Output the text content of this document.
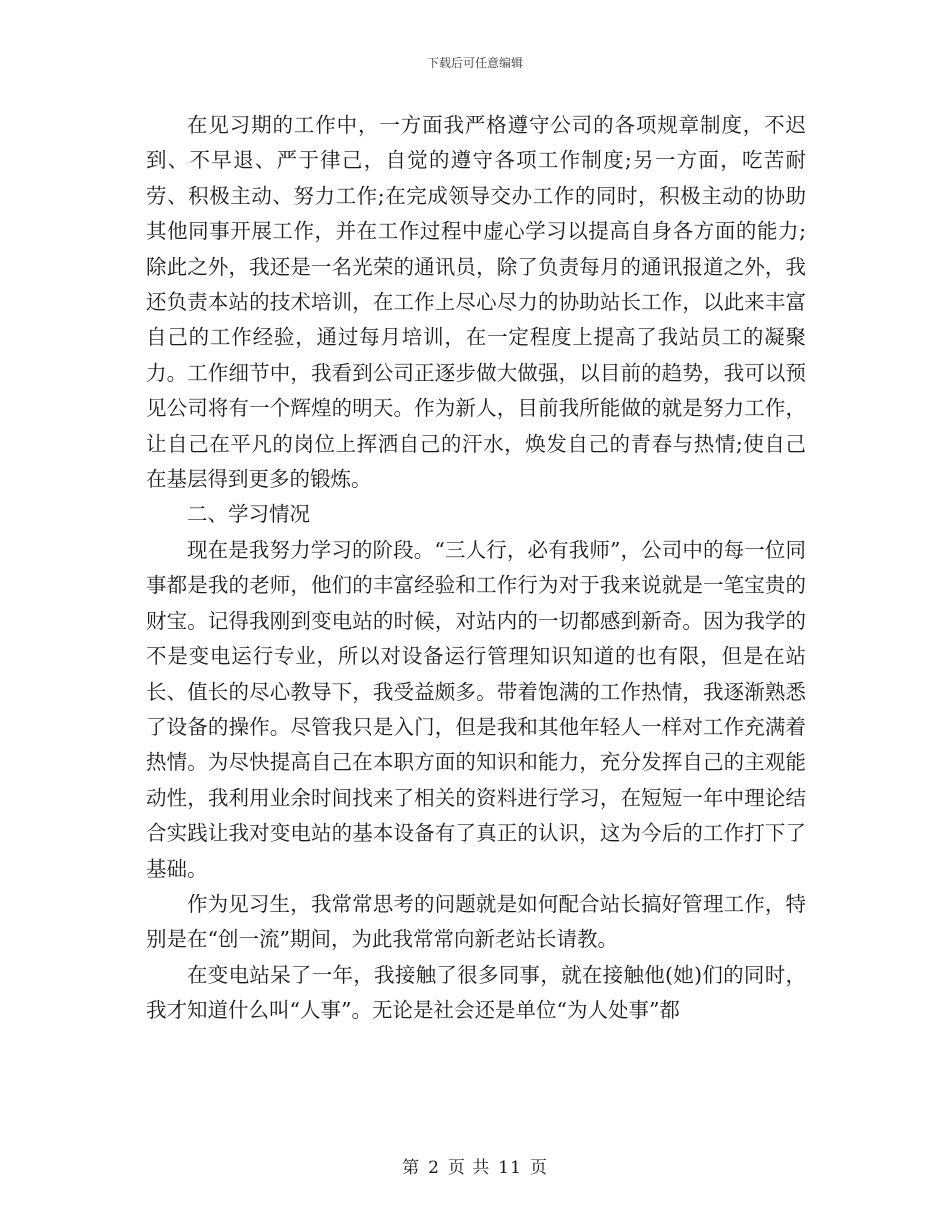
下载后可任意编辑

在见习期的工作中，一方面我严格遵守公司的各项规章制度，不迟到、不早退、严于律己，自觉的遵守各项工作制度;另一方面，吃苦耐劳、积极主动、努力工作;在完成领导交办工作的同时，积极主动的协助其他同事开展工作，并在工作过程中虚心学习以提高自身各方面的能力;除此之外，我还是一名光荣的通讯员，除了负责每月的通讯报道之外，我还负责本站的技术培训，在工作上尽心尽力的协助站长工作，以此来丰富自己的工作经验，通过每月培训，在一定程度上提高了我站员工的凝聚力。工作细节中，我看到公司正逐步做大做强，以目前的趋势，我可以预见公司将有一个辉煌的明天。作为新人，目前我所能做的就是努力工作，让自己在平凡的岗位上挥洒自己的汗水，焕发自己的青春与热情;使自己在基层得到更多的锻炼。

二、学习情况

现在是我努力学习的阶段。“三人行，必有我师”，公司中的每一位同事都是我的老师，他们的丰富经验和工作行为对于我来说就是一笔宝贵的财宝。记得我刚到变电站的时候，对站内的一切都感到新奇。因为我学的不是变电运行专业，所以对设备运行管理知识知道的也有限，但是在站长、值长的尽心教导下，我受益颇多。带着饱满的工作热情，我逐渐熟悉了设备的操作。尽管我只是入门，但是我和其他年轻人一样对工作充满着热情。为尽快提高自己在本职方面的知识和能力，充分发挥自己的主观能动性，我利用业余时间找来了相关的资料进行学习，在短短一年中理论结合实践让我对变电站的基本设备有了真正的认识，这为今后的工作打下了基础。

作为见习生，我常常思考的问题就是如何配合站长搞好管理工作，特别是在“创一流”期间，为此我常常向新老站长请教。

在变电站呆了一年，我接触了很多同事，就在接触他(她)们的同时，我才知道什么叫“人事”。无论是社会还是单位“为人处事”都

第 2 页 共 11 页
